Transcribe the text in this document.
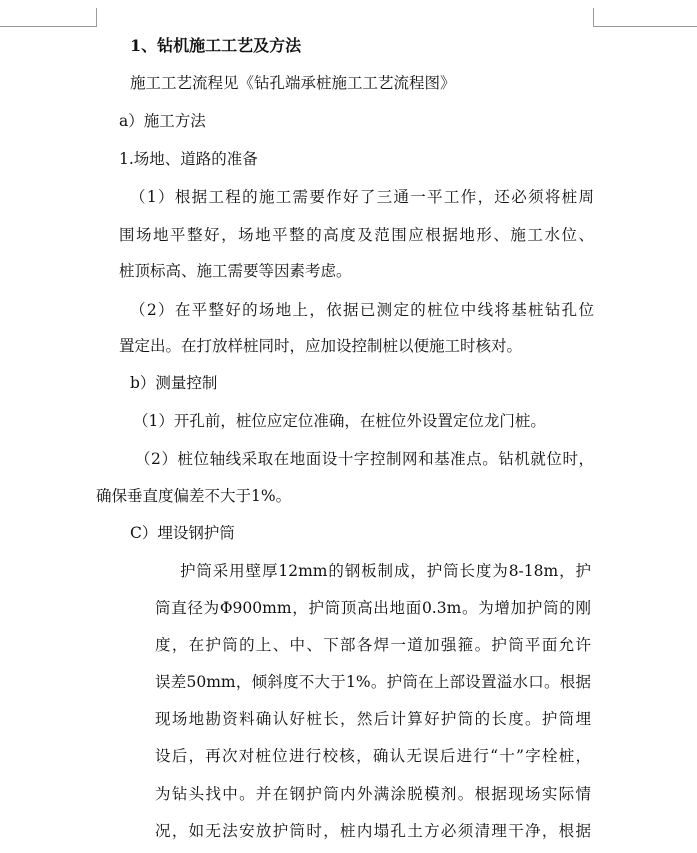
1、钻机施工工艺及方法
施工工艺流程见《钻孔端承桩施工工艺流程图》
a）施工方法
1.场地、道路的准备
（1）根据工程的施工需要作好了三通一平工作，还必须将桩周
围场地平整好，场地平整的高度及范围应根据地形、施工水位、
桩顶标高、施工需要等因素考虑。
（2）在平整好的场地上，依据已测定的桩位中线将基桩钻孔位
置定出。在打放样桩同时，应加设控制桩以便施工时核对。
b）测量控制
（1）开孔前，桩位应定位准确，在桩位外设置定位龙门桩。
（2）桩位轴线采取在地面设十字控制网和基准点。钻机就位时，
确保垂直度偏差不大于1%。
C）埋设钢护筒
护筒采用壁厚12mm的钢板制成，护筒长度为8-18m，护
筒直径为Φ900mm，护筒顶高出地面0.3m。为增加护筒的刚
度，在护筒的上、中、下部各焊一道加强箍。护筒平面允许
误差50mm，倾斜度不大于1%。护筒在上部设置溢水口。根据
现场地勘资料确认好桩长，然后计算好护筒的长度。护筒埋
设后，再次对桩位进行校核，确认无误后进行“十”字栓桩，
为钻头找中。并在钢护筒内外满涂脱模剂。根据现场实际情
况，如无法安放护筒时，桩内塌孔土方必须清理干净，根据
